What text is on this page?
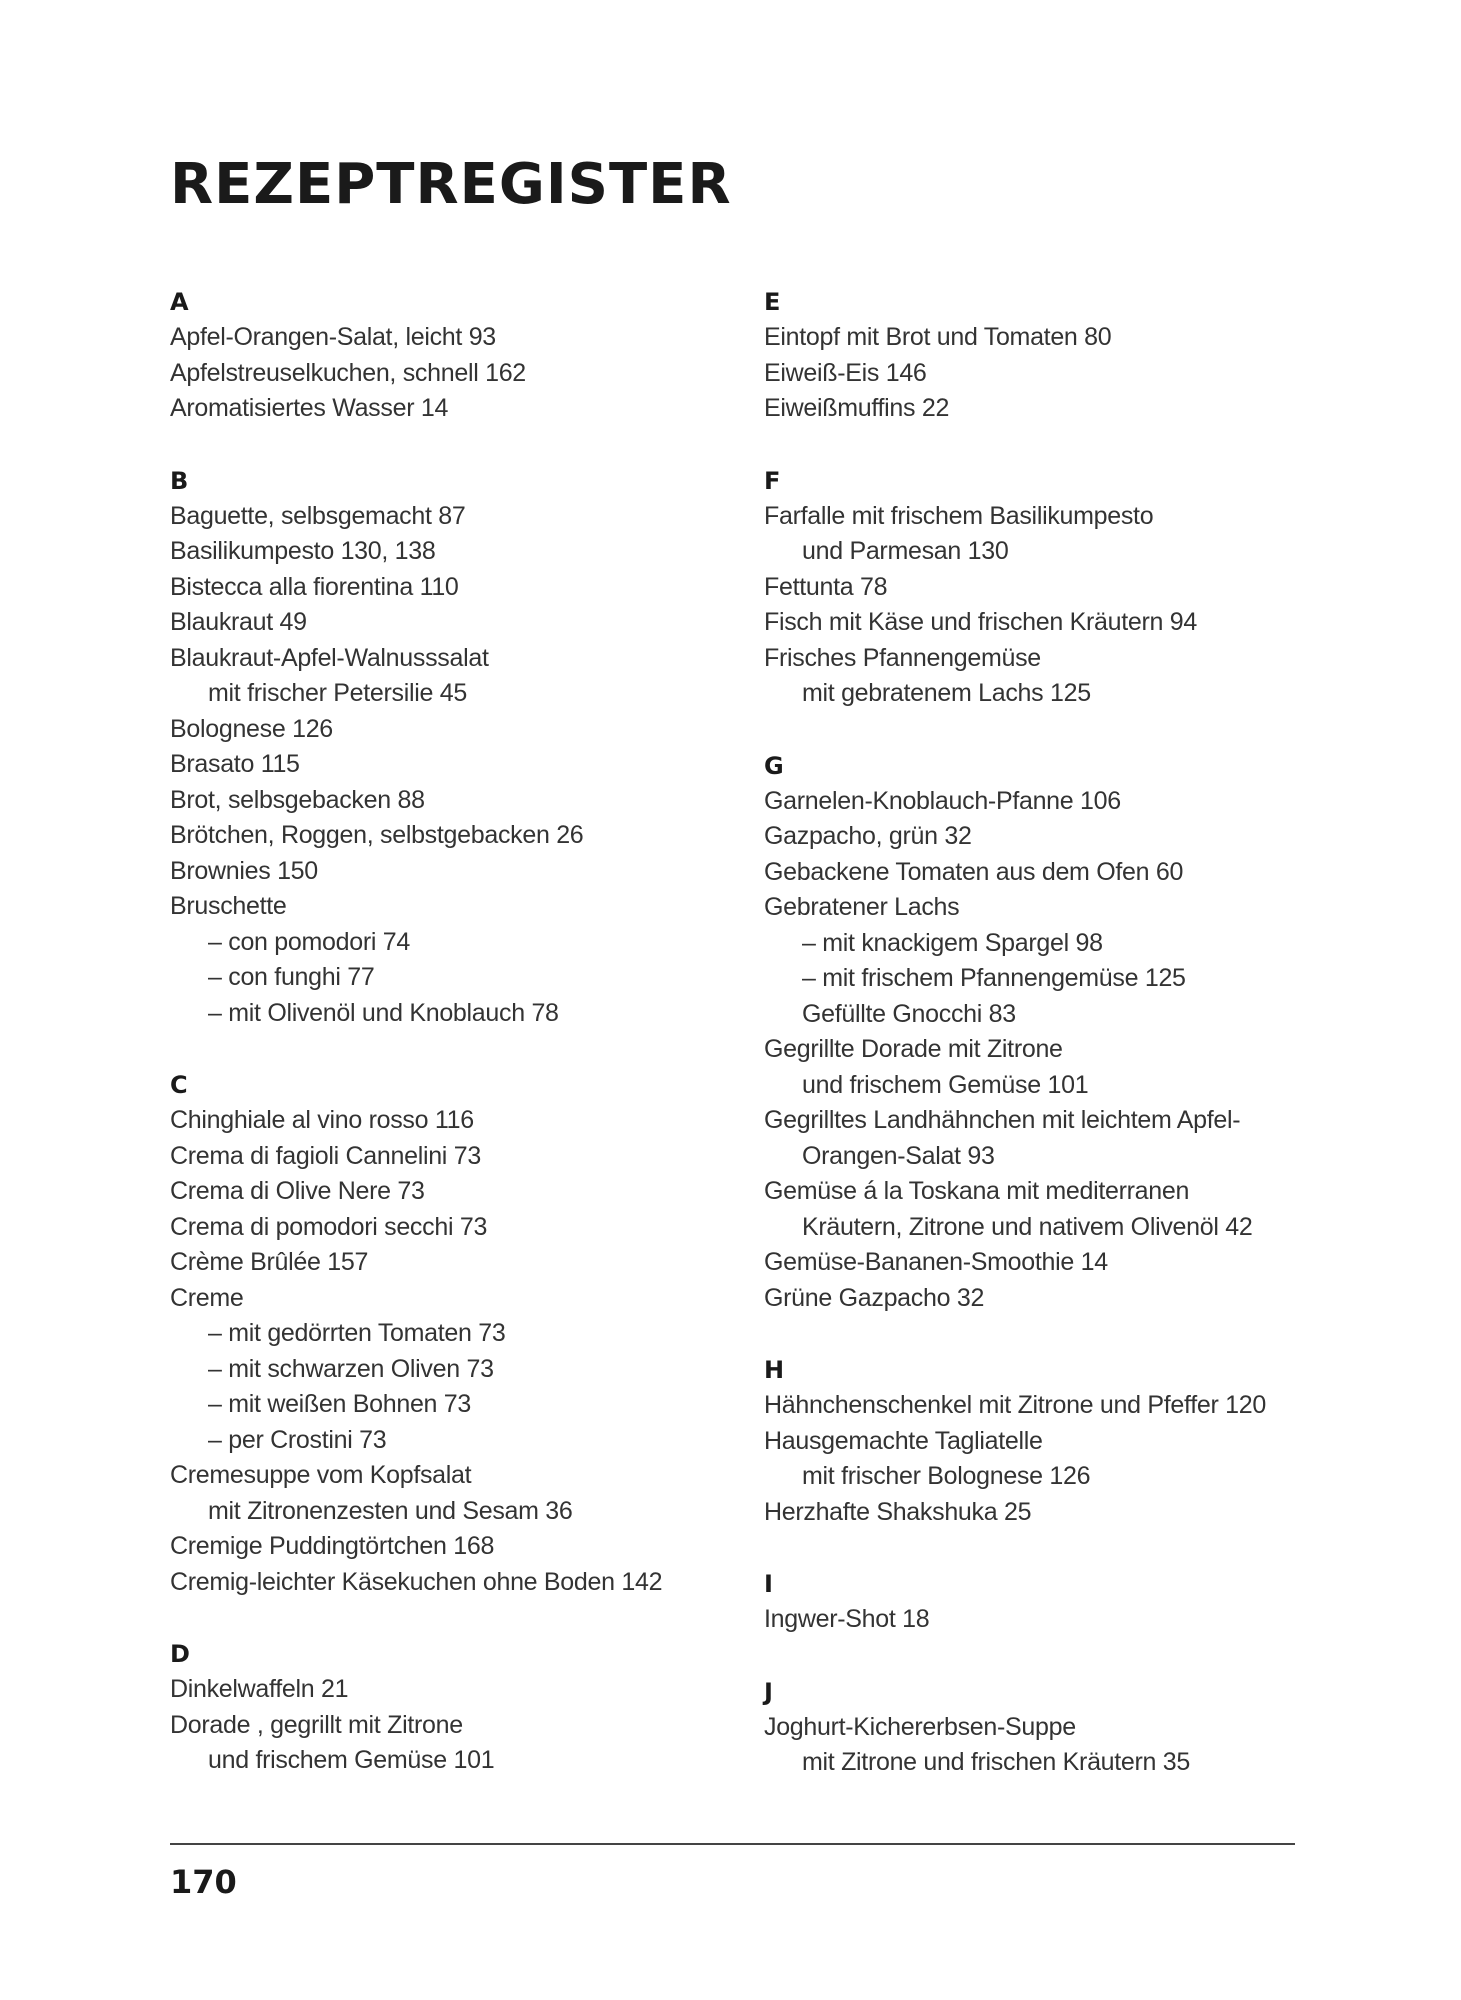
REZEPTREGISTER
A
Apfel-Orangen-Salat, leicht 93
Apfelstreuselkuchen, schnell 162
Aromatisiertes Wasser 14
B
Baguette, selbsgemacht 87
Basilikumpesto 130, 138
Bistecca alla fiorentina 110
Blaukraut 49
Blaukraut-Apfel-Walnusssalat
mit frischer Petersilie 45
Bolognese 126
Brasato 115
Brot, selbsgebacken 88
Brötchen, Roggen, selbstgebacken 26
Brownies 150
Bruschette
– con pomodori 74
– con funghi 77
– mit Olivenöl und Knoblauch 78
C
Chinghiale al vino rosso 116
Crema di fagioli Cannelini 73
Crema di Olive Nere 73
Crema di pomodori secchi 73
Crème Brûlée 157
Creme
– mit gedörrten Tomaten 73
– mit schwarzen Oliven 73
– mit weißen Bohnen 73
– per Crostini 73
Cremesuppe vom Kopfsalat
mit Zitronenzesten und Sesam 36
Cremige Puddingtörtchen 168
Cremig-leichter Käsekuchen ohne Boden 142
D
Dinkelwaffeln 21
Dorade , gegrillt mit Zitrone
und frischem Gemüse 101
E
Eintopf mit Brot und Tomaten 80
Eiweiß-Eis 146
Eiweißmuffins 22
F
Farfalle mit frischem Basilikumpesto
und Parmesan 130
Fettunta 78
Fisch mit Käse und frischen Kräutern 94
Frisches Pfannengemüse
mit gebratenem Lachs 125
G
Garnelen-Knoblauch-Pfanne 106
Gazpacho, grün 32
Gebackene Tomaten aus dem Ofen 60
Gebratener Lachs
– mit knackigem Spargel 98
– mit frischem Pfannengemüse 125
Gefüllte Gnocchi 83
Gegrillte Dorade mit Zitrone
und frischem Gemüse 101
Gegrilltes Landhähnchen mit leichtem Apfel-
Orangen-Salat 93
Gemüse á la Toskana mit mediterranen
Kräutern, Zitrone und nativem Olivenöl 42
Gemüse-Bananen-Smoothie 14
Grüne Gazpacho 32
H
Hähnchenschenkel mit Zitrone und Pfeffer 120
Hausgemachte Tagliatelle
mit frischer Bolognese 126
Herzhafte Shakshuka 25
I
Ingwer-Shot 18
J
Joghurt-Kichererbsen-Suppe
mit Zitrone und frischen Kräutern 35
170
